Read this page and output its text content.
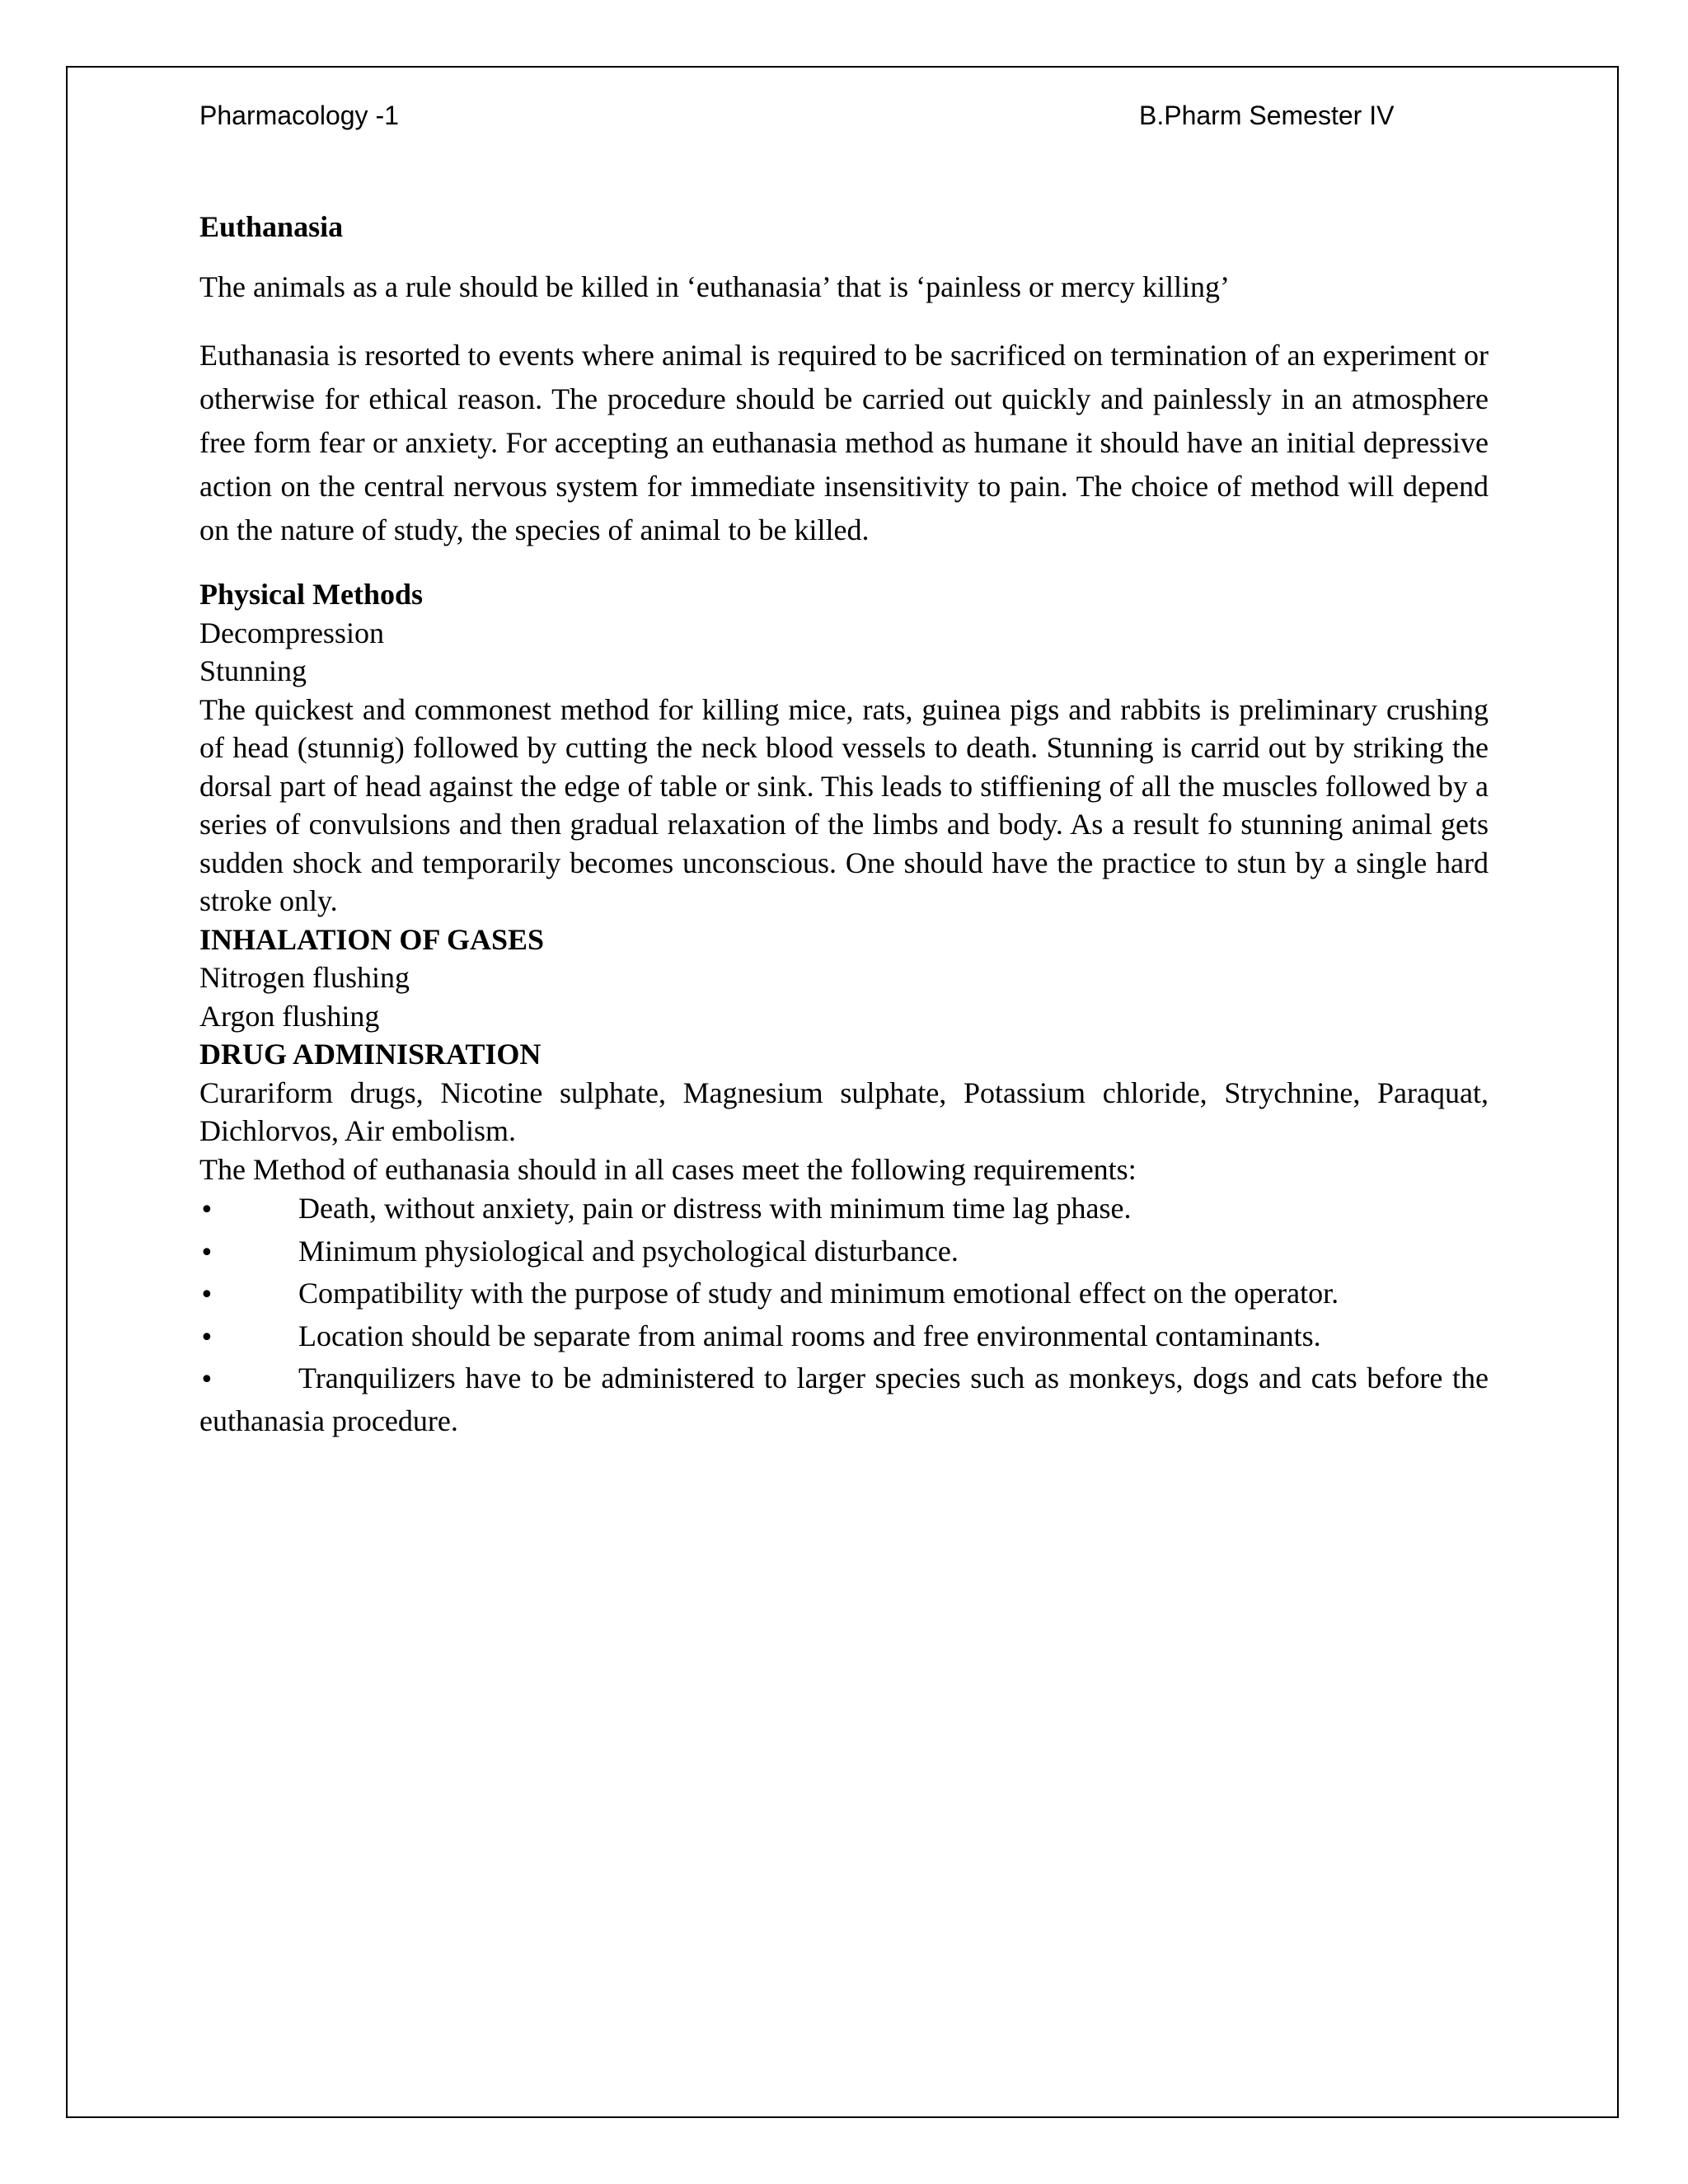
Pharmacology -1	B.Pharm Semester IV
Euthanasia

The animals as a rule should be killed in ‘euthanasia’ that is ‘painless or mercy killing’

Euthanasia is resorted to events where animal is required to be sacrificed on termination of an experiment or otherwise for ethical reason. The procedure should be carried out quickly and painlessly in an atmosphere free form fear or anxiety. For accepting an euthanasia method as humane it should have an initial depressive action on the central nervous system for immediate insensitivity to pain. The choice of method will depend on the nature of study, the species of animal to be killed.

Physical Methods
Decompression
Stunning
The quickest and commonest method for killing mice, rats, guinea pigs and rabbits is preliminary crushing of head (stunnig) followed by cutting the neck blood vessels to death. Stunning is carrid out by striking the dorsal part of head against the edge of table or sink. This leads to stiffiening of all the muscles followed by a series of convulsions and then gradual relaxation of the limbs and body. As a result fo stunning animal gets sudden shock and temporarily becomes unconscious. One should have the practice to stun by a single hard stroke only.
INHALATION OF GASES
Nitrogen flushing
Argon flushing
DRUG ADMINISRATION
Curariform drugs, Nicotine sulphate, Magnesium sulphate, Potassium chloride, Strychnine, Paraquat, Dichlorvos, Air embolism.
The Method of euthanasia should in all cases meet the following requirements:
•	Death, without anxiety, pain or distress with minimum time lag phase.
•	Minimum physiological and psychological disturbance.
•	Compatibility with the purpose of study and minimum emotional effect on the operator.
•	Location should be separate from animal rooms and free environmental contaminants.
•	Tranquilizers have to be administered to larger species such as monkeys, dogs and cats before the euthanasia procedure.
